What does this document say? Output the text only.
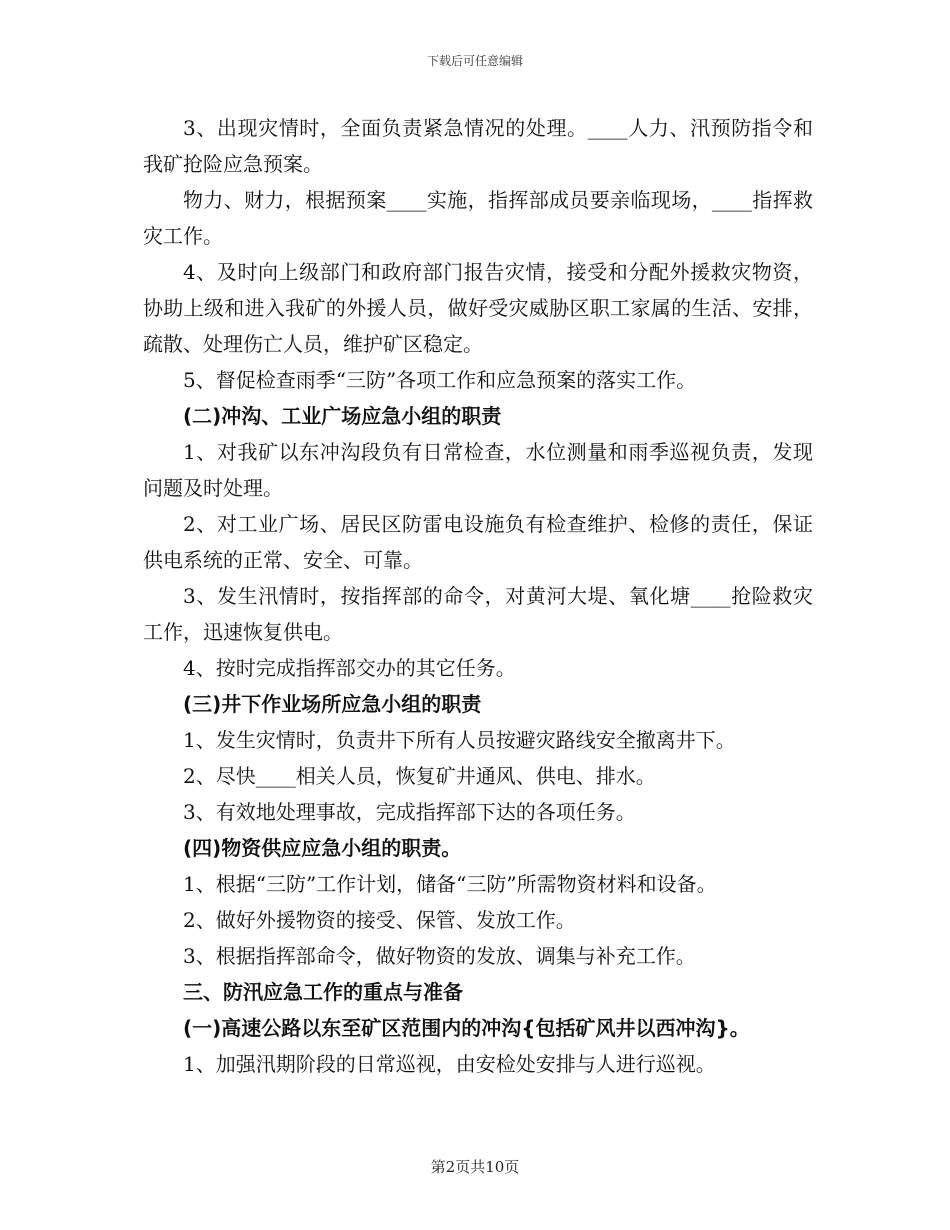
下载后可任意编辑

3、出现灾情时，全面负责紧急情况的处理。____人力、汛预防指令和我矿抢险应急预案。

物力、财力，根据预案____实施，指挥部成员要亲临现场，____指挥救灾工作。

4、及时向上级部门和政府部门报告灾情，接受和分配外援救灾物资，协助上级和进入我矿的外援人员，做好受灾威胁区职工家属的生活、安排，疏散、处理伤亡人员，维护矿区稳定。

5、督促检查雨季“三防”各项工作和应急预案的落实工作。

(二)冲沟、工业广场应急小组的职责

1、对我矿以东冲沟段负有日常检查，水位测量和雨季巡视负责，发现问题及时处理。

2、对工业广场、居民区防雷电设施负有检查维护、检修的责任，保证供电系统的正常、安全、可靠。

3、发生汛情时，按指挥部的命令，对黄河大堤、氧化塘____抢险救灾工作，迅速恢复供电。

4、按时完成指挥部交办的其它任务。

(三)井下作业场所应急小组的职责

1、发生灾情时，负责井下所有人员按避灾路线安全撤离井下。

2、尽快____相关人员，恢复矿井通风、供电、排水。

3、有效地处理事故，完成指挥部下达的各项任务。

(四)物资供应应急小组的职责。

1、根据“三防”工作计划，储备“三防”所需物资材料和设备。

2、做好外援物资的接受、保管、发放工作。

3、根据指挥部命令，做好物资的发放、调集与补充工作。

三、防汛应急工作的重点与准备

(一)高速公路以东至矿区范围内的冲沟{包括矿风井以西冲沟}。

1、加强汛期阶段的日常巡视，由安检处安排与人进行巡视。

第2页共10页
